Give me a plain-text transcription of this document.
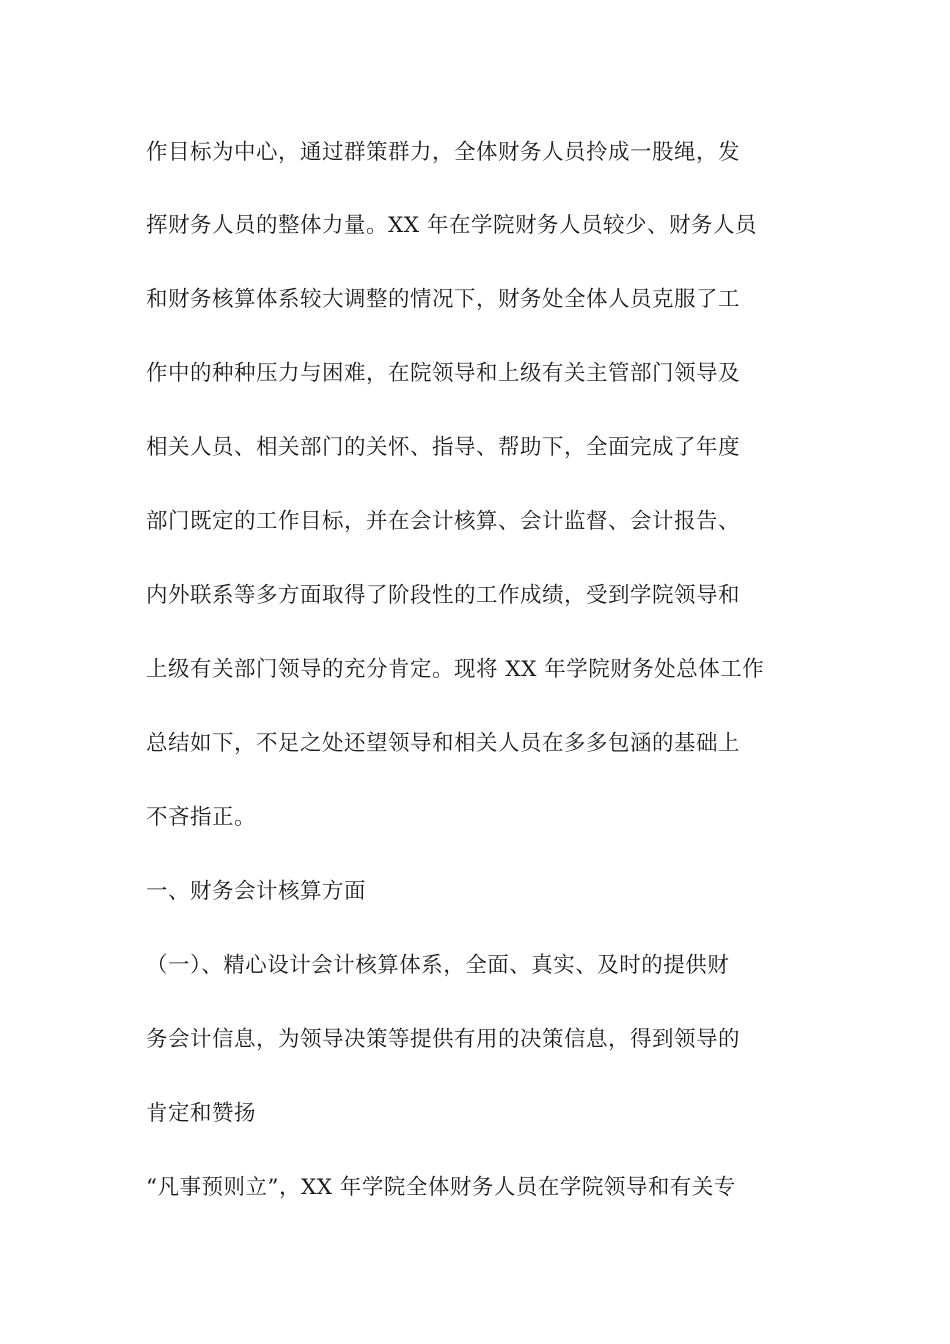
作目标为中心，通过群策群力，全体财务人员拎成一股绳，发
挥财务人员的整体力量。XX 年在学院财务人员较少、财务人员
和财务核算体系较大调整的情况下，财务处全体人员克服了工
作中的种种压力与困难，在院领导和上级有关主管部门领导及
相关人员、相关部门的关怀、指导、帮助下，全面完成了年度
部门既定的工作目标，并在会计核算、会计监督、会计报告、
内外联系等多方面取得了阶段性的工作成绩，受到学院领导和
上级有关部门领导的充分肯定。现将 XX 年学院财务处总体工作
总结如下，不足之处还望领导和相关人员在多多包涵的基础上
不吝指正。
一、财务会计核算方面
（一）、精心设计会计核算体系，全面、真实、及时的提供财
务会计信息，为领导决策等提供有用的决策信息，得到领导的
肯定和赞扬
“凡事预则立”，XX 年学院全体财务人员在学院领导和有关专
